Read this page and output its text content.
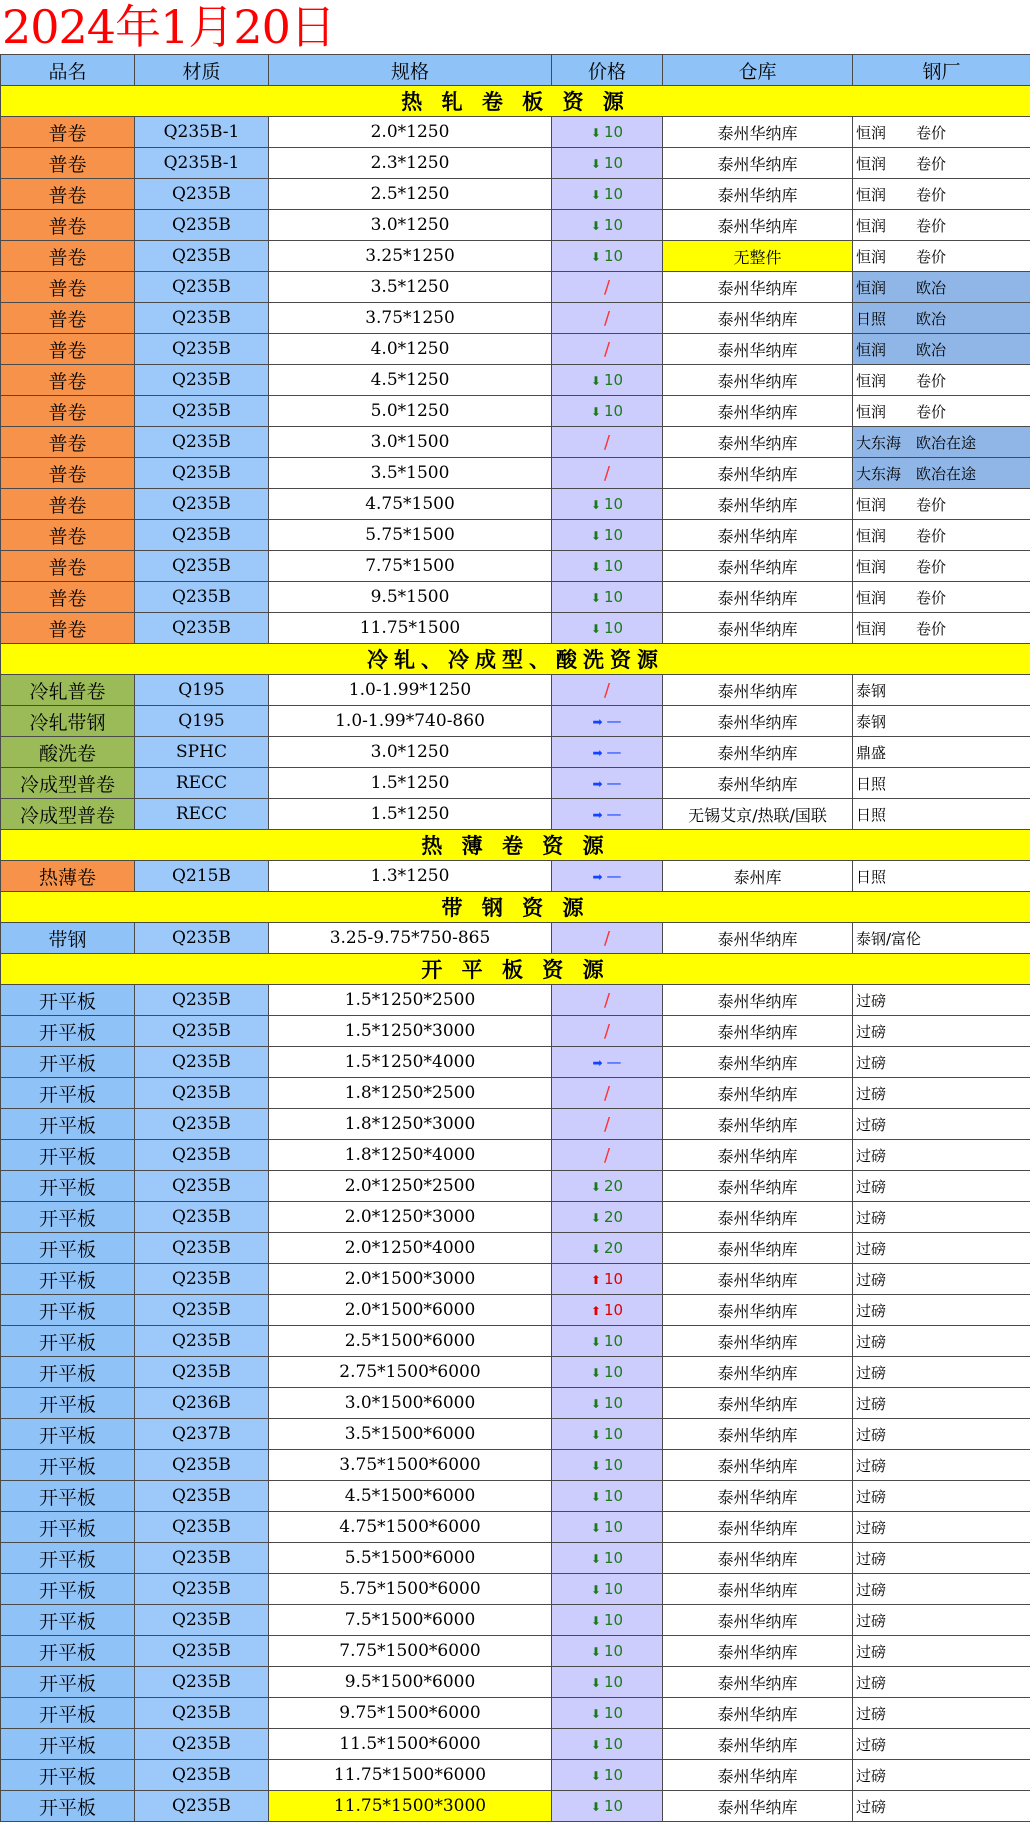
2024年1月20日
品名	材质	规格	价格	仓库	钢厂
热 轧 卷 板 资 源					
普卷	Q235B-1	2.0*1250	⬇ 10	泰州华纳库	恒润 卷价
普卷	Q235B-1	2.3*1250	⬇ 10	泰州华纳库	恒润 卷价
普卷	Q235B	2.5*1250	⬇ 10	泰州华纳库	恒润 卷价
普卷	Q235B	3.0*1250	⬇ 10	泰州华纳库	恒润 卷价
普卷	Q235B	3.25*1250	⬇ 10	无整件	恒润 卷价
普卷	Q235B	3.5*1250	/	泰州华纳库	恒润 欧冶
普卷	Q235B	3.75*1250	/	泰州华纳库	日照 欧冶
普卷	Q235B	4.0*1250	/	泰州华纳库	恒润 欧冶
普卷	Q235B	4.5*1250	⬇ 10	泰州华纳库	恒润 卷价
普卷	Q235B	5.0*1250	⬇ 10	泰州华纳库	恒润 卷价
普卷	Q235B	3.0*1500	/	泰州华纳库	大东海 欧冶在途
普卷	Q235B	3.5*1500	/	泰州华纳库	大东海 欧冶在途
普卷	Q235B	4.75*1500	⬇ 10	泰州华纳库	恒润 卷价
普卷	Q235B	5.75*1500	⬇ 10	泰州华纳库	恒润 卷价
普卷	Q235B	7.75*1500	⬇ 10	泰州华纳库	恒润 卷价
普卷	Q235B	9.5*1500	⬇ 10	泰州华纳库	恒润 卷价
普卷	Q235B	11.75*1500	⬇ 10	泰州华纳库	恒润 卷价
冷轧、冷成型、酸洗资源					
冷轧普卷	Q195	1.0-1.99*1250	/	泰州华纳库	泰钢
冷轧带钢	Q195	1.0-1.99*740-860	➡ —	泰州华纳库	泰钢
酸洗卷	SPHC	3.0*1250	➡ —	泰州华纳库	鼎盛
冷成型普卷	RECC	1.5*1250	➡ —	泰州华纳库	日照
冷成型普卷	RECC	1.5*1250	➡ —	无锡艾京/热联/国联	日照
热 薄 卷 资 源					
热薄卷	Q215B	1.3*1250	➡ —	泰州库	日照
带 钢 资 源					
带钢	Q235B	3.25-9.75*750-865	/	泰州华纳库	泰钢/富伦
开 平 板 资 源					
开平板	Q235B	1.5*1250*2500	/	泰州华纳库	过磅
开平板	Q235B	1.5*1250*3000	/	泰州华纳库	过磅
开平板	Q235B	1.5*1250*4000	➡ —	泰州华纳库	过磅
开平板	Q235B	1.8*1250*2500	/	泰州华纳库	过磅
开平板	Q235B	1.8*1250*3000	/	泰州华纳库	过磅
开平板	Q235B	1.8*1250*4000	/	泰州华纳库	过磅
开平板	Q235B	2.0*1250*2500	⬇ 20	泰州华纳库	过磅
开平板	Q235B	2.0*1250*3000	⬇ 20	泰州华纳库	过磅
开平板	Q235B	2.0*1250*4000	⬇ 20	泰州华纳库	过磅
开平板	Q235B	2.0*1500*3000	⬆ 10	泰州华纳库	过磅
开平板	Q235B	2.0*1500*6000	⬆ 10	泰州华纳库	过磅
开平板	Q235B	2.5*1500*6000	⬇ 10	泰州华纳库	过磅
开平板	Q235B	2.75*1500*6000	⬇ 10	泰州华纳库	过磅
开平板	Q236B	3.0*1500*6000	⬇ 10	泰州华纳库	过磅
开平板	Q237B	3.5*1500*6000	⬇ 10	泰州华纳库	过磅
开平板	Q235B	3.75*1500*6000	⬇ 10	泰州华纳库	过磅
开平板	Q235B	4.5*1500*6000	⬇ 10	泰州华纳库	过磅
开平板	Q235B	4.75*1500*6000	⬇ 10	泰州华纳库	过磅
开平板	Q235B	5.5*1500*6000	⬇ 10	泰州华纳库	过磅
开平板	Q235B	5.75*1500*6000	⬇ 10	泰州华纳库	过磅
开平板	Q235B	7.5*1500*6000	⬇ 10	泰州华纳库	过磅
开平板	Q235B	7.75*1500*6000	⬇ 10	泰州华纳库	过磅
开平板	Q235B	9.5*1500*6000	⬇ 10	泰州华纳库	过磅
开平板	Q235B	9.75*1500*6000	⬇ 10	泰州华纳库	过磅
开平板	Q235B	11.5*1500*6000	⬇ 10	泰州华纳库	过磅
开平板	Q235B	11.75*1500*6000	⬇ 10	泰州华纳库	过磅
开平板	Q235B	11.75*1500*3000	⬇ 10	泰州华纳库	过磅
